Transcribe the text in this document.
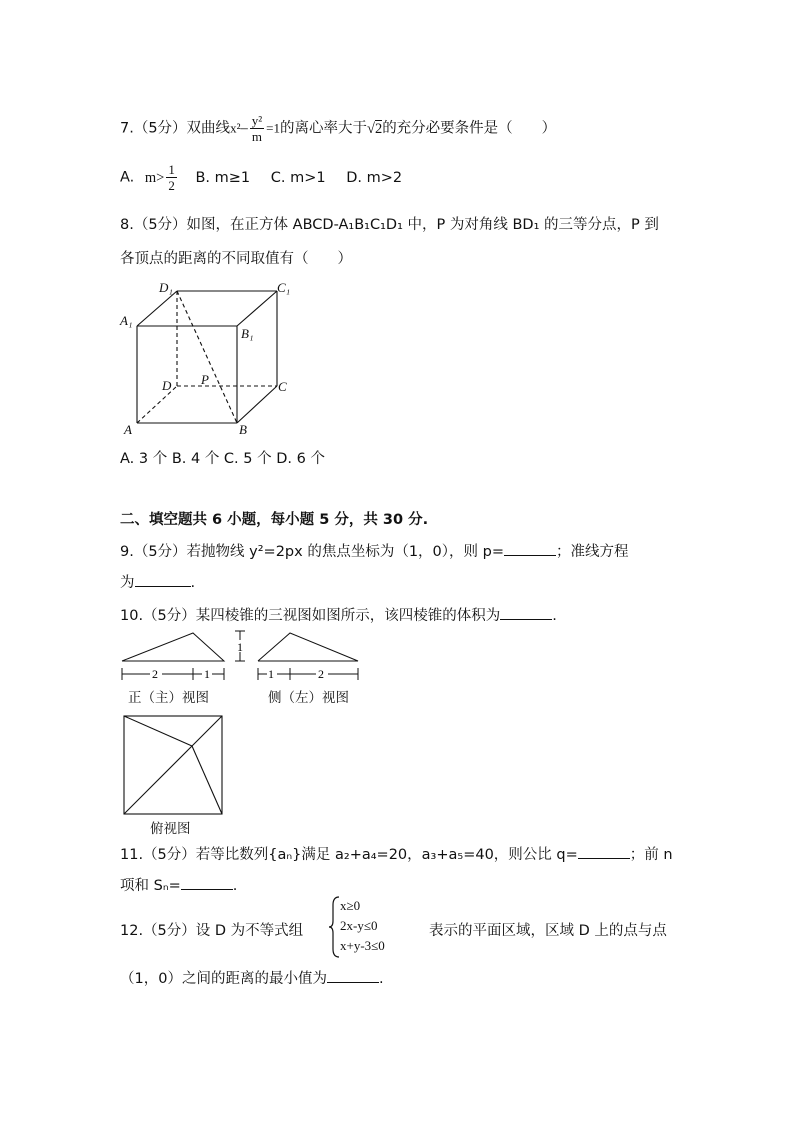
7.（5分）双曲线$x^2- \frac{\text{y²}}{m} =1$的离心率大于√2的充分必要条件是（　　）
A. $m> \frac{1}{2} B$. m≥1 C. m>1 D. m>2
8.（5分）如图，在正方体 ABCD-A₁B₁C₁D₁ 中，P 为对角线 BD₁ 的三等分点，P 到
各顶点的距离的不同取值有（　　）
D₁	C₁
A₁
B₁
D P	C
A	B
A. 3 个 B. 4 个 C. 5 个 D. 6 个
二、填空题共 6 小题，每小题 5 分，共 30 分.
9.（5分）若抛物线 y²=2px 的焦点坐标为（1，0），则 p=	；准线方程
为	.
10.（5分）某四棱锥的三视图如图所示，该四棱锥的体积为	.
2	1
1
1	2
正（主）视图	侧（左）视图
俯视图
11.（5分）若等比数列{aₙ}满足 a₂+a₄=20，a₃+a₅=40，则公比 q=	；前 n
项和 Sₙ=	.
12.（5分）设 D 为不等式组
x≥0
2x-y≤0
x+y-3≤0
表示的平面区域，区域 D 上的点与点
（1，0）之间的距离的最小值为	.
